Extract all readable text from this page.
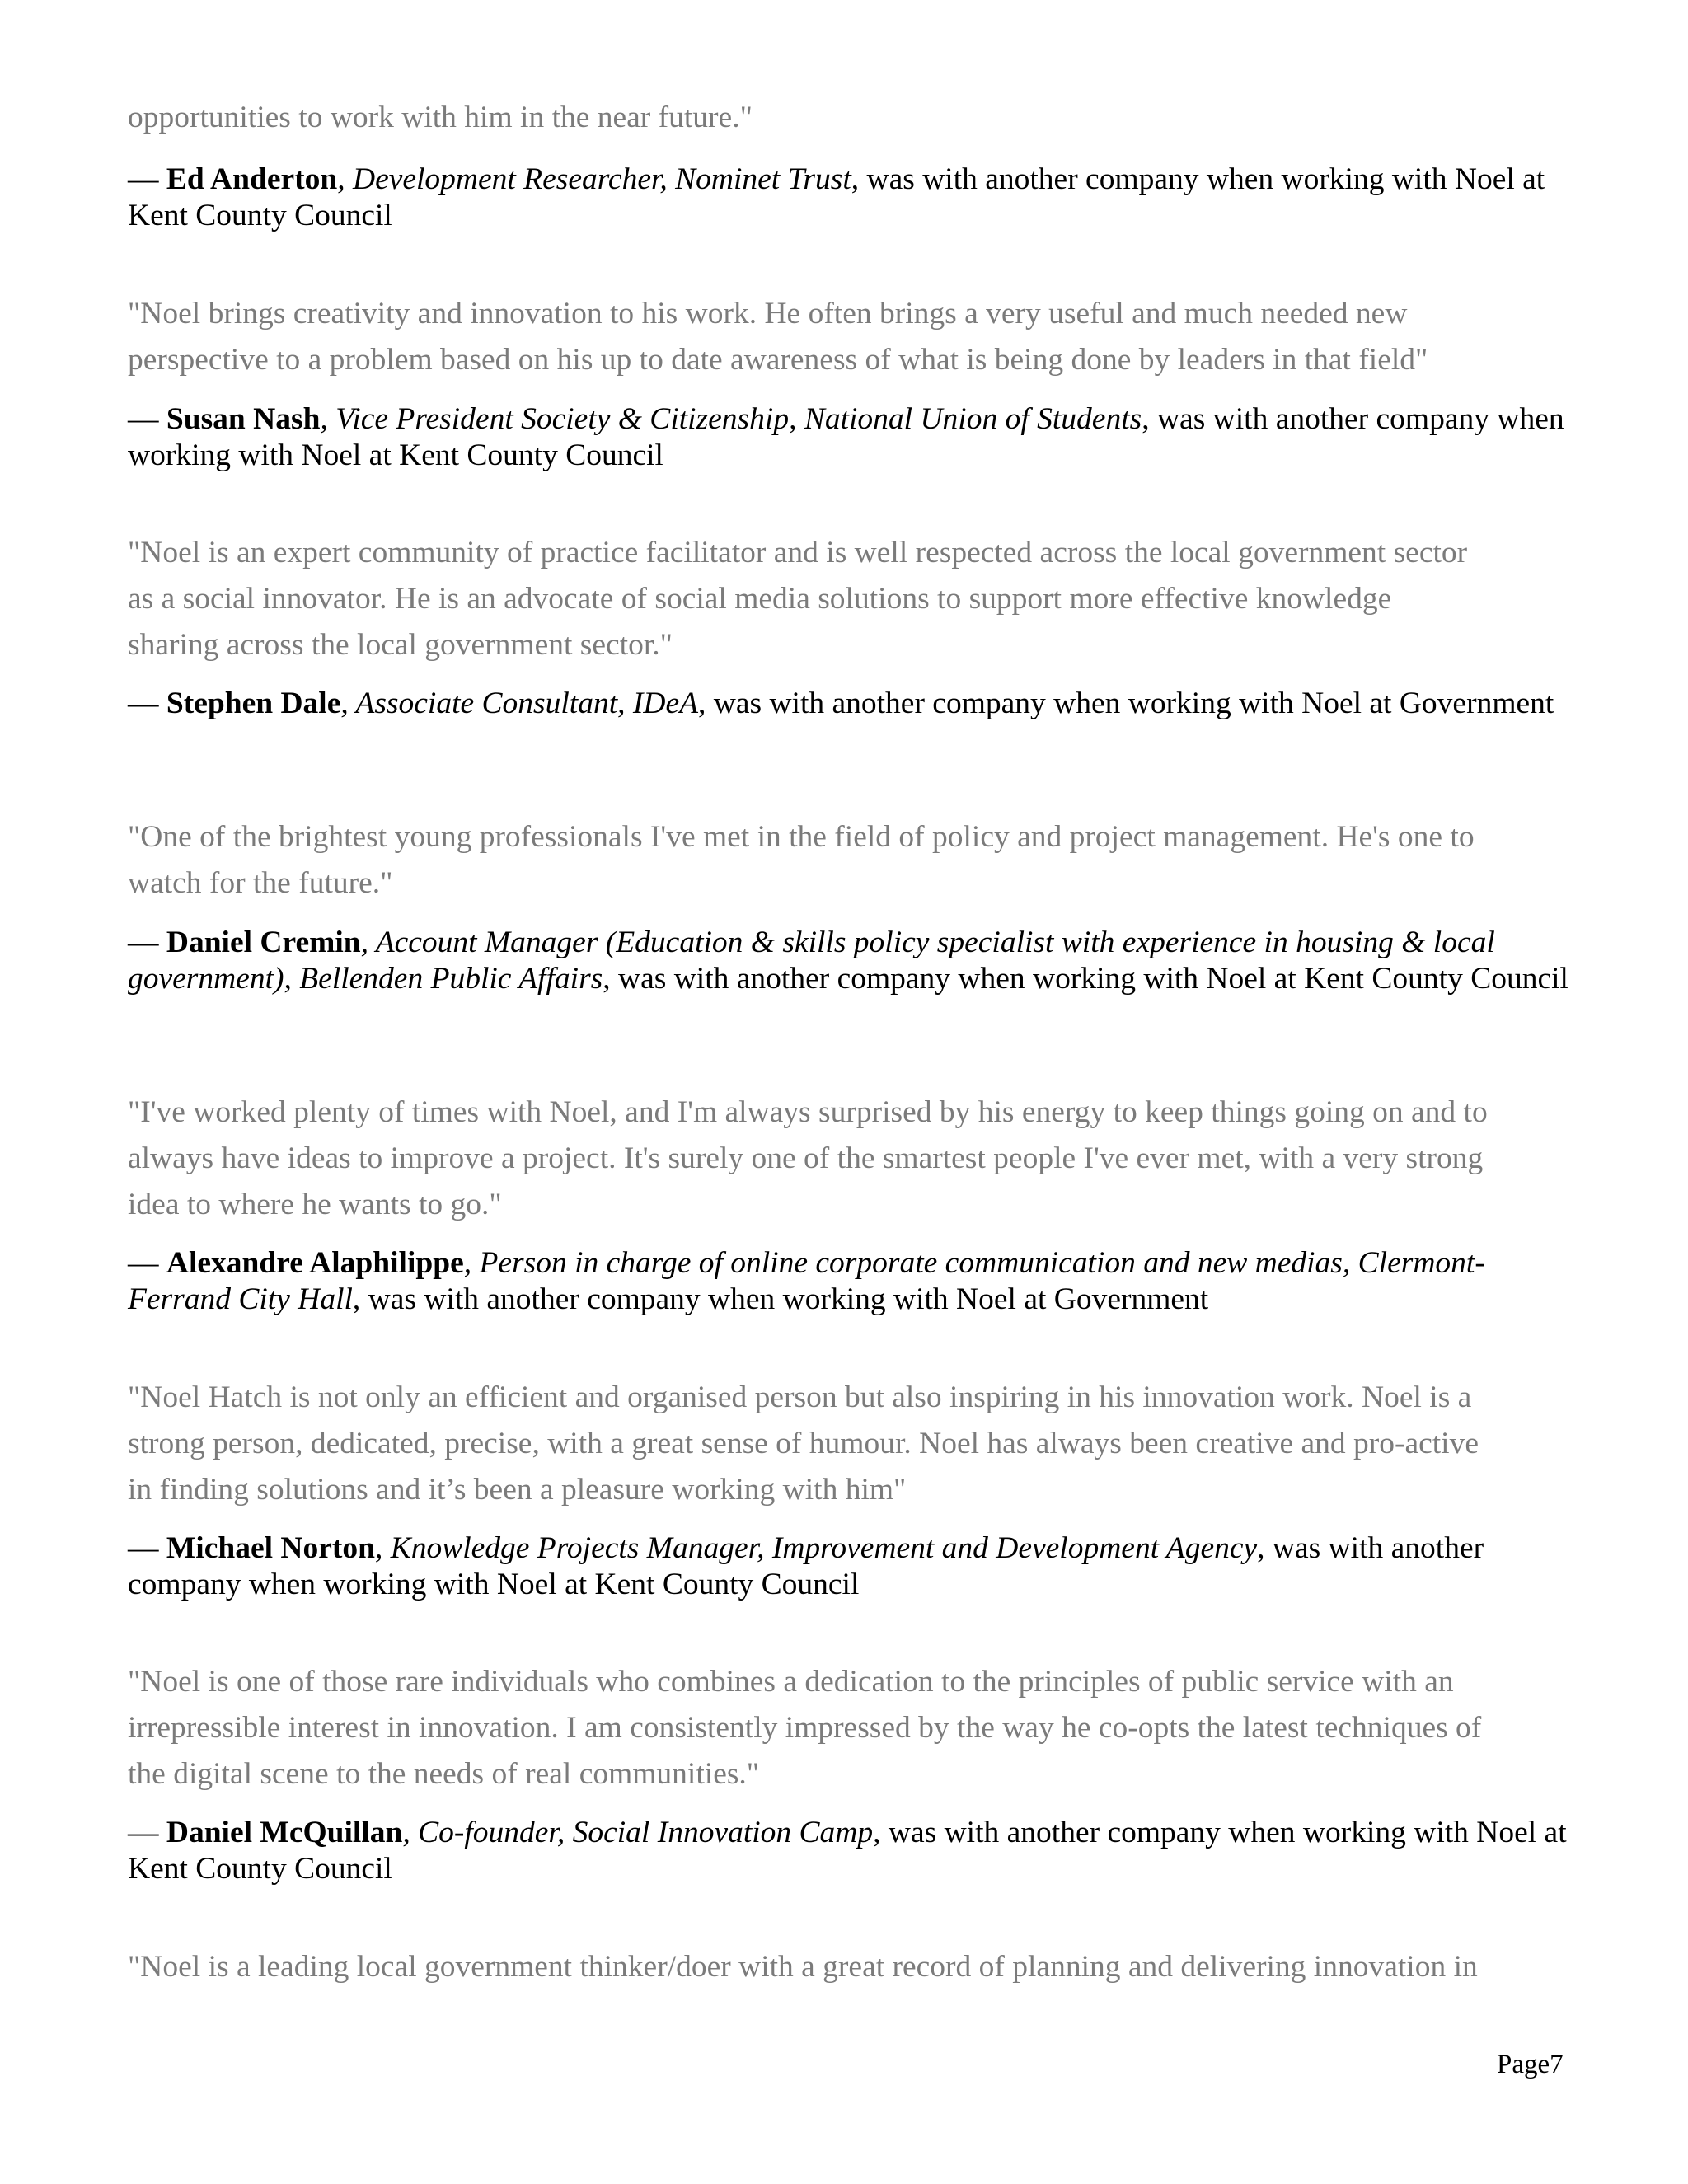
opportunities to work with him in the near future."

— Ed Anderton, Development Researcher, Nominet Trust, was with another company when working with Noel at Kent County Council

"Noel brings creativity and innovation to his work. He often brings a very useful and much needed new
perspective to a problem based on his up to date awareness of what is being done by leaders in that field"

— Susan Nash, Vice President Society & Citizenship, National Union of Students, was with another company when working with Noel at Kent County Council

"Noel is an expert community of practice facilitator and is well respected across the local government sector
as a social innovator. He is an advocate of social media solutions to support more effective knowledge
sharing across the local government sector."

— Stephen Dale, Associate Consultant, IDeA, was with another company when working with Noel at Government

"One of the brightest young professionals I've met in the field of policy and project management. He's one to
watch for the future."

— Daniel Cremin, Account Manager (Education & skills policy specialist with experience in housing & local government), Bellenden Public Affairs, was with another company when working with Noel at Kent County Council

"I've worked plenty of times with Noel, and I'm always surprised by his energy to keep things going on and to
always have ideas to improve a project. It's surely one of the smartest people I've ever met, with a very strong
idea to where he wants to go."

— Alexandre Alaphilippe, Person in charge of online corporate communication and new medias, Clermont-Ferrand City Hall, was with another company when working with Noel at Government

"Noel Hatch is not only an efficient and organised person but also inspiring in his innovation work. Noel is a
strong person, dedicated, precise, with a great sense of humour. Noel has always been creative and pro-active
in finding solutions and it’s been a pleasure working with him"

— Michael Norton, Knowledge Projects Manager, Improvement and Development Agency, was with another company when working with Noel at Kent County Council

"Noel is one of those rare individuals who combines a dedication to the principles of public service with an
irrepressible interest in innovation. I am consistently impressed by the way he co-opts the latest techniques of
the digital scene to the needs of real communities."

— Daniel McQuillan, Co-founder, Social Innovation Camp, was with another company when working with Noel at Kent County Council

"Noel is a leading local government thinker/doer with a great record of planning and delivering innovation in

Page7
